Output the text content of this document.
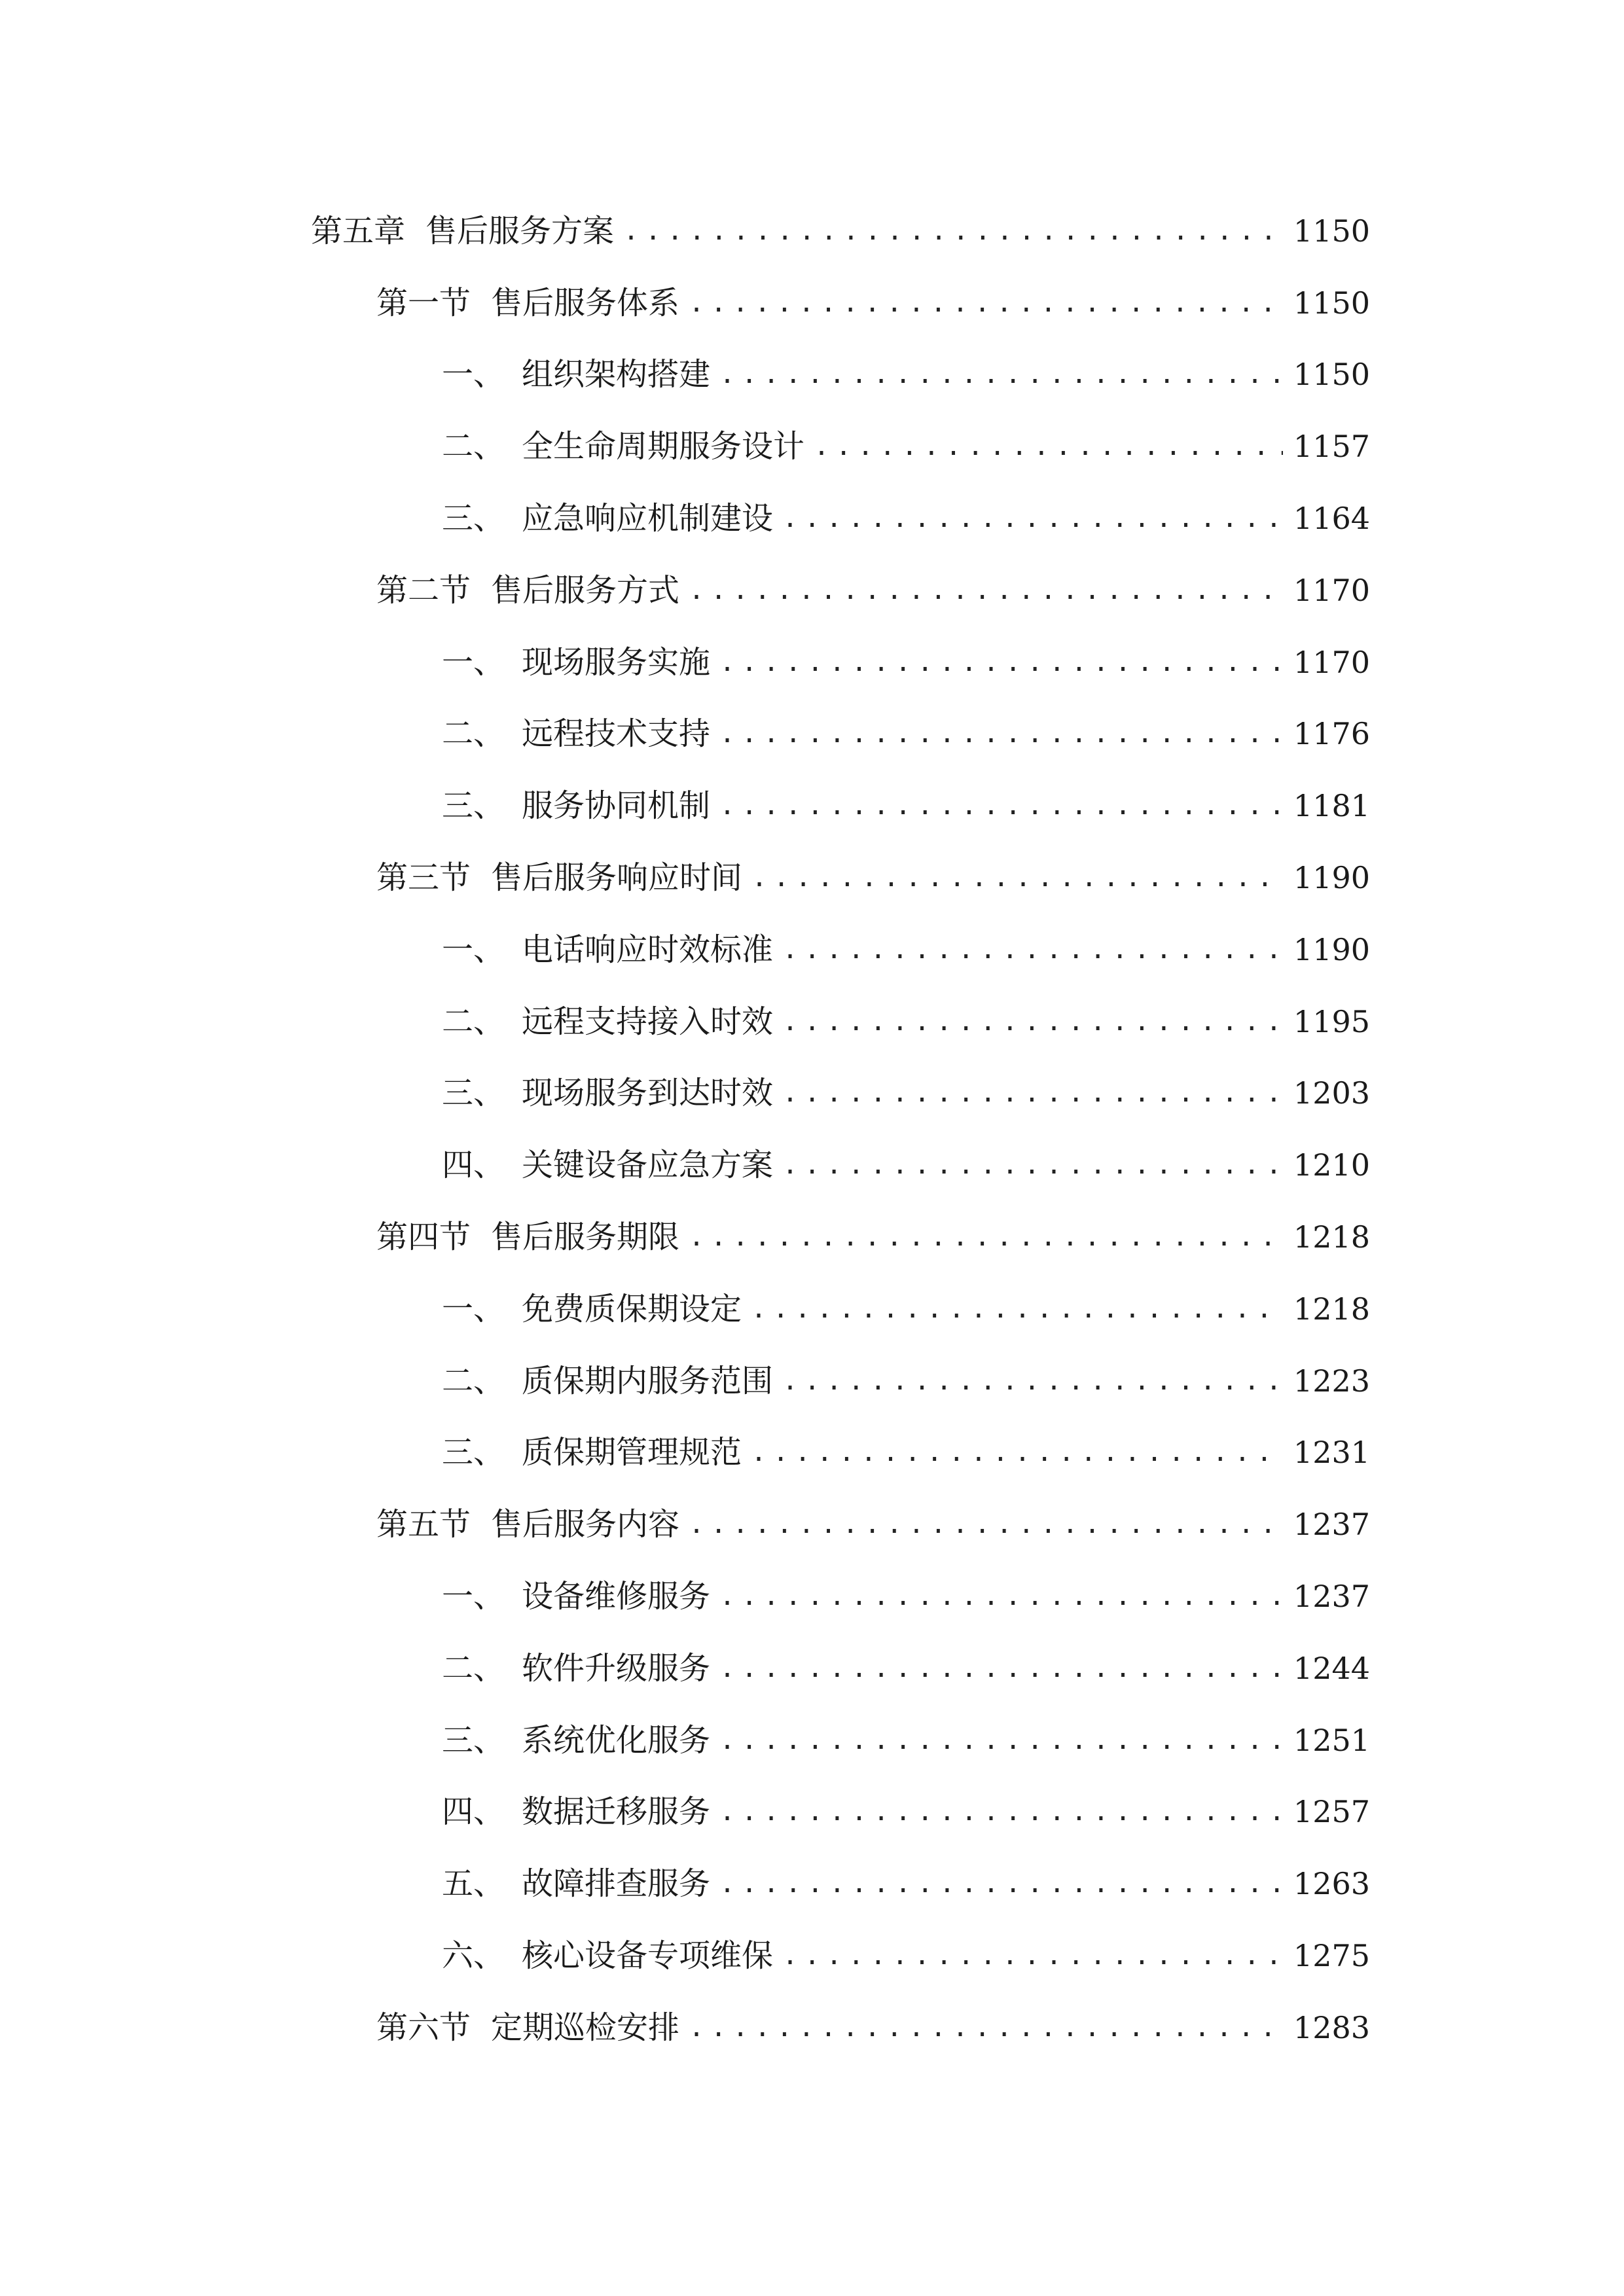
第五章 售后服务方案 .....	1150
第一节 售后服务体系 .....	1150
一、 组织架构搭建 .....	1150
二、 全生命周期服务设计 .....	1157
三、 应急响应机制建设 .....	1164
第二节 售后服务方式 .....	1170
一、 现场服务实施 .....	1170
二、 远程技术支持 .....	1176
三、 服务协同机制 .....	1181
第三节 售后服务响应时间 .....	1190
一、 电话响应时效标准 .....	1190
二、 远程支持接入时效 .....	1195
三、 现场服务到达时效 .....	1203
四、 关键设备应急方案 .....	1210
第四节 售后服务期限 .....	1218
一、 免费质保期设定 .....	1218
二、 质保期内服务范围 .....	1223
三、 质保期管理规范 .....	1231
第五节 售后服务内容 .....	1237
一、 设备维修服务 .....	1237
二、 软件升级服务 .....	1244
三、 系统优化服务 .....	1251
四、 数据迁移服务 .....	1257
五、 故障排查服务 .....	1263
六、 核心设备专项维保 .....	1275
第六节 定期巡检安排 .....	1283
